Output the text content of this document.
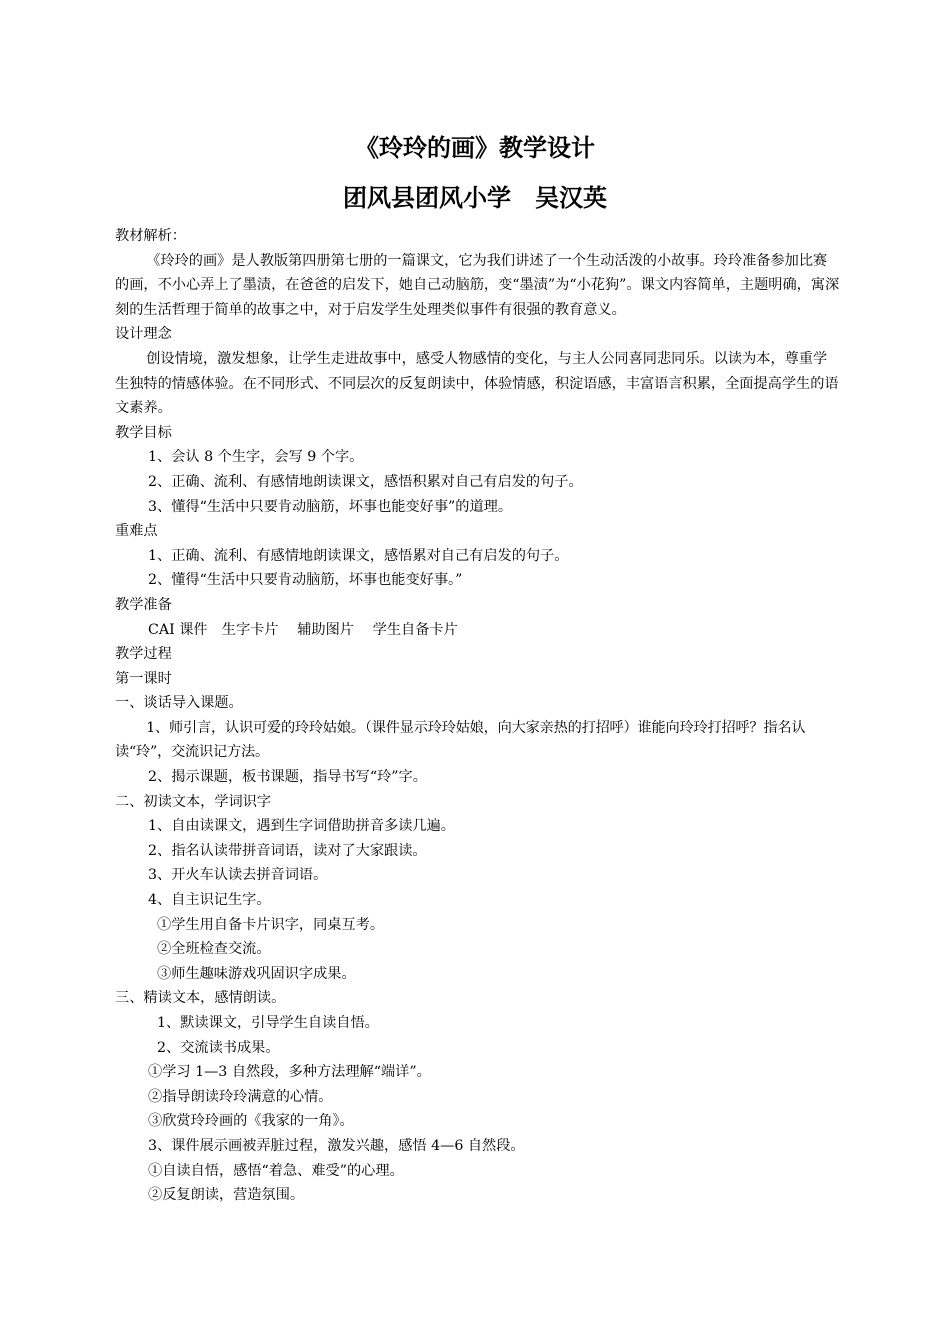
《玲玲的画》教学设计
团风县团风小学　吴汉英

教材解析：

《玲玲的画》是人教版第四册第七册的一篇课文，它为我们讲述了一个生动活泼的小故事。玲玲准备参加比赛的画，不小心弄上了墨渍，在爸爸的启发下，她自己动脑筋，变“墨渍”为“小花狗”。课文内容简单，主题明确，寓深刻的生活哲理于简单的故事之中，对于启发学生处理类似事件有很强的教育意义。

设计理念

创设情境，激发想象，让学生走进故事中，感受人物感情的变化，与主人公同喜同悲同乐。以读为本，尊重学生独特的情感体验。在不同形式、不同层次的反复朗读中，体验情感，积淀语感，丰富语言积累，全面提高学生的语文素养。

教学目标

1、会认 8 个生字，会写 9 个字。

2、正确、流利、有感情地朗读课文，感悟积累对自己有启发的句子。

3、懂得“生活中只要肯动脑筋，坏事也能变好事”的道理。

重难点

1、正确、流利、有感情地朗读课文，感悟累对自己有启发的句子。

2、懂得“生活中只要肯动脑筋，坏事也能变好事。”

教学准备

CAI 课件　生字卡片　 辅助图片　 学生自备卡片

教学过程

第一课时

一、谈话导入课题。

1、师引言，认识可爱的玲玲姑娘。（课件显示玲玲姑娘，向大家亲热的打招呼）谁能向玲玲打招呼？指名认读“玲”，交流识记方法。

2、揭示课题，板书课题，指导书写“玲”字。

二、初读文本，学词识字

1、自由读课文，遇到生字词借助拼音多读几遍。

2、指名认读带拼音词语，读对了大家跟读。

3、开火车认读去拼音词语。

4、自主识记生字。

①学生用自备卡片识字，同桌互考。

②全班检查交流。

③师生趣味游戏巩固识字成果。

三、精读文本，感情朗读。

1、默读课文，引导学生自读自悟。

2、交流读书成果。

①学习 1—3 自然段，多种方法理解“端详”。

②指导朗读玲玲满意的心情。

③欣赏玲玲画的《我家的一角》。

3、课件展示画被弄脏过程，激发兴趣，感悟 4—6 自然段。

①自读自悟，感悟“着急、难受”的心理。

②反复朗读，营造氛围。
